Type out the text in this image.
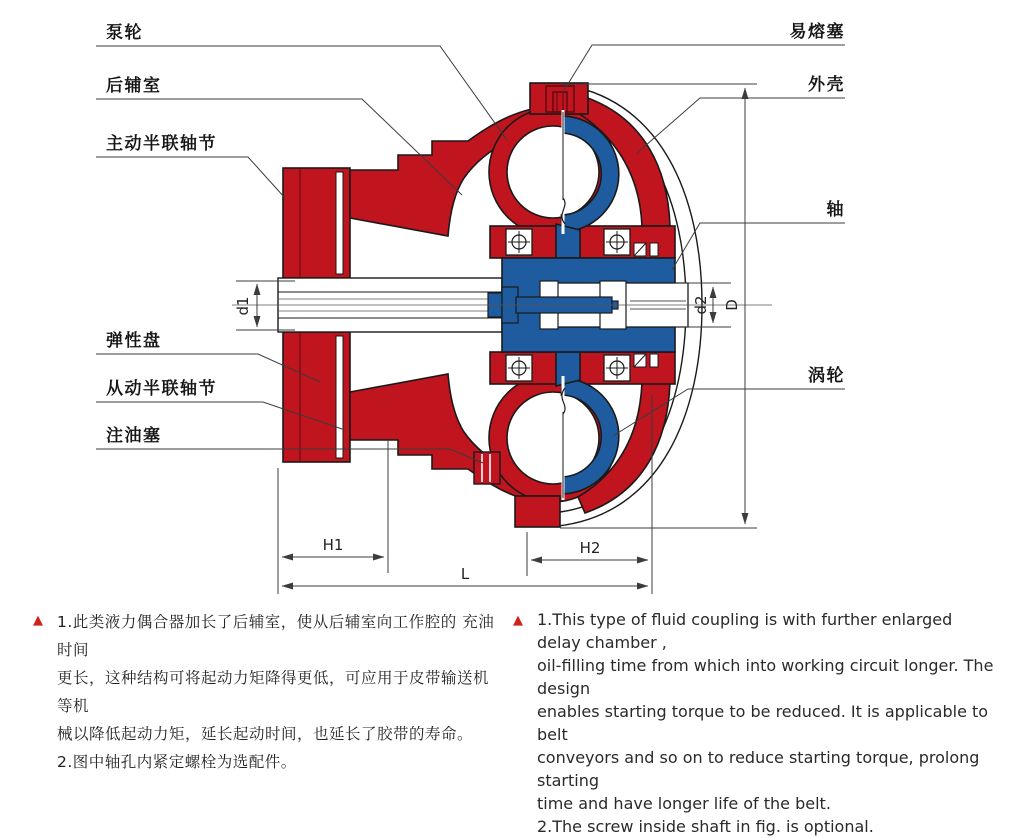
泵轮
后辅室
主动半联轴节
弹性盘
从动半联轴节
注油塞
易熔塞
外壳
轴
涡轮
d1	d2 D
H1	H2
L
▲ 1.此类液力偶合器加长了后辅室，使从后辅室向工作腔的 充油时间
更长，这种结构可将起动力矩降得更低，可应用于皮带输送机等机
械以降低起动力矩，延长起动时间，也延长了胶带的寿命。
2.图中轴孔内紧定螺栓为选配件。
▲ 1.This type of fluid coupling is with further enlarged delay chamber ,
oil-filling time from which into working circuit longer. The design
enables starting torque to be reduced. It is applicable to belt
conveyors and so on to reduce starting torque, prolong starting
time and have longer life of the belt.
2.The screw inside shaft in fig. is optional.
